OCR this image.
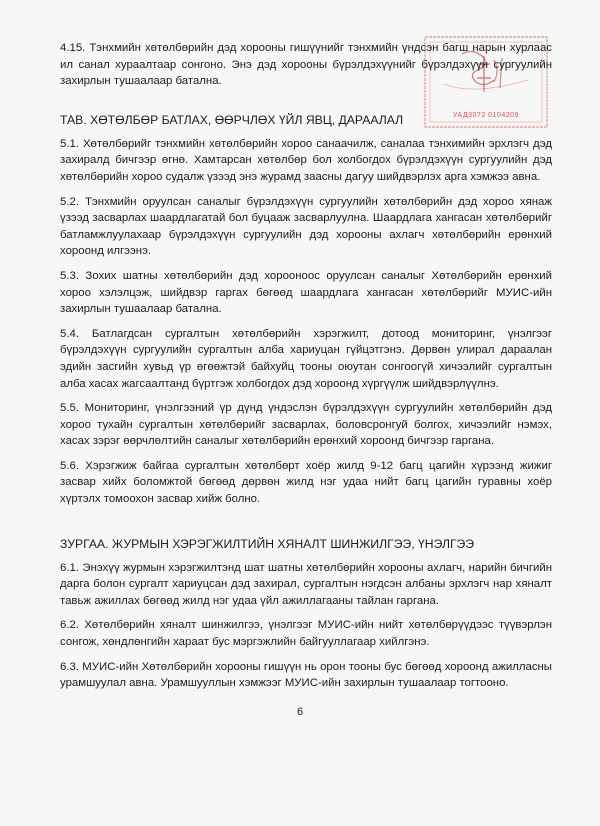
УАД3072 0104209

4.15. Тэнхмийн хөтөлбөрийн дэд хорооны гишүүнийг тэнхмийн үндсэн багш нарын хурлаас ил санал хураалтаар сонгоно. Энэ дэд хорооны бүрэлдэхүүнийг бүрэлдэхүүн сургуулийн захирлын тушаалаар батална.

ТАВ. ХӨТӨЛБӨР БАТЛАХ, ӨӨРЧЛӨХ ҮЙЛ ЯВЦ, ДАРААЛАЛ

5.1. Хөтөлбөрийг тэнхмийн хөтөлбөрийн хороо санаачилж, саналаа тэнхимийн эрхлэгч дэд захиралд бичгээр өгнө. Хамтарсан хөтөлбөр бол холбогдох бүрэлдэхүүн сургуулийн дэд хөтөлбөрийн хороо судалж үзээд энэ журамд заасны дагуу шийдвэрлэх арга хэмжээ авна.

5.2. Тэнхмийн оруулсан саналыг бүрэлдэхүүн сургуулийн хөтөлбөрийн дэд хороо хянаж үзээд засварлах шаардлагатай бол буцааж засварлуулна. Шаардлага хангасан хөтөлбөрийг батламжлуулахаар бүрэлдэхүүн сургуулийн дэд хорооны ахлагч хөтөлбөрийн ерөнхий хороонд илгээнэ.

5.3. Зохих шатны хөтөлбөрийн дэд хорооноос оруулсан саналыг Хөтөлбөрийн ерөнхий хороо хэлэлцэж, шийдвэр гаргах бөгөөд шаардлага хангасан хөтөлбөрийг МУИС-ийн захирлын тушаалаар батална.

5.4. Батлагдсан сургалтын хөтөлбөрийн хэрэгжилт, дотоод мониторинг, үнэлгээг бүрэлдэхүүн сургуулийн сургалтын алба хариуцан гүйцэтгэнэ. Дөрвөн улирал дараалан эдийн засгийн хувьд үр өгөөжтэй байхуйц тооны оюутан сонгоогүй хичээлийг сургалтын алба хасах жагсаалтанд бүртгэж холбогдох дэд хороонд хүргүүлж шийдвэрлүүлнэ.

5.5. Мониторинг, үнэлгээний үр дүнд үндэслэн бүрэлдэхүүн сургуулийн хөтөлбөрийн дэд хороо тухайн сургалтын хөтөлбөрийг засварлах, боловсронгуй болгох, хичээлийг нэмэх, хасах зэрэг өөрчлөлтийн саналыг хөтөлбөрийн ерөнхий хороонд бичгээр гаргана.

5.6. Хэрэгжиж байгаа сургалтын хөтөлбөрт хоёр жилд 9-12 багц цагийн хүрээнд жижиг засвар хийх боломжтой бөгөөд дөрвөн жилд нэг удаа нийт багц цагийн гуравны хоёр хүртэлх томоохон засвар хийж болно.

ЗУРГАА. ЖУРМЫН ХЭРЭГЖИЛТИЙН ХЯНАЛТ ШИНЖИЛГЭЭ, ҮНЭЛГЭЭ

6.1. Энэхүү журмын хэрэгжилтэнд шат шатны хөтөлбөрийн хорооны ахлагч, нарийн бичгийн дарга болон сургалт хариуцсан дэд захирал, сургалтын нэгдсэн албаны эрхлэгч нар хяналт тавьж ажиллах бөгөөд жилд нэг удаа үйл ажиллагааны тайлан гаргана.

6.2. Хөтөлбөрийн хяналт шинжилгээ, үнэлгээг МУИС-ийн нийт хөтөлбөрүүдээс түүвэрлэн сонгож, хөндлөнгийн хараат бус мэргэжлийн байгууллагаар хийлгэнэ.

6.3. МУИС-ийн Хөтөлбөрийн хорооны гишүүн нь орон тооны бус бөгөөд хороонд ажилласны урамшуулал авна. Урамшууллын хэмжээг МУИС-ийн захирлын тушаалаар тогтооно.

6
